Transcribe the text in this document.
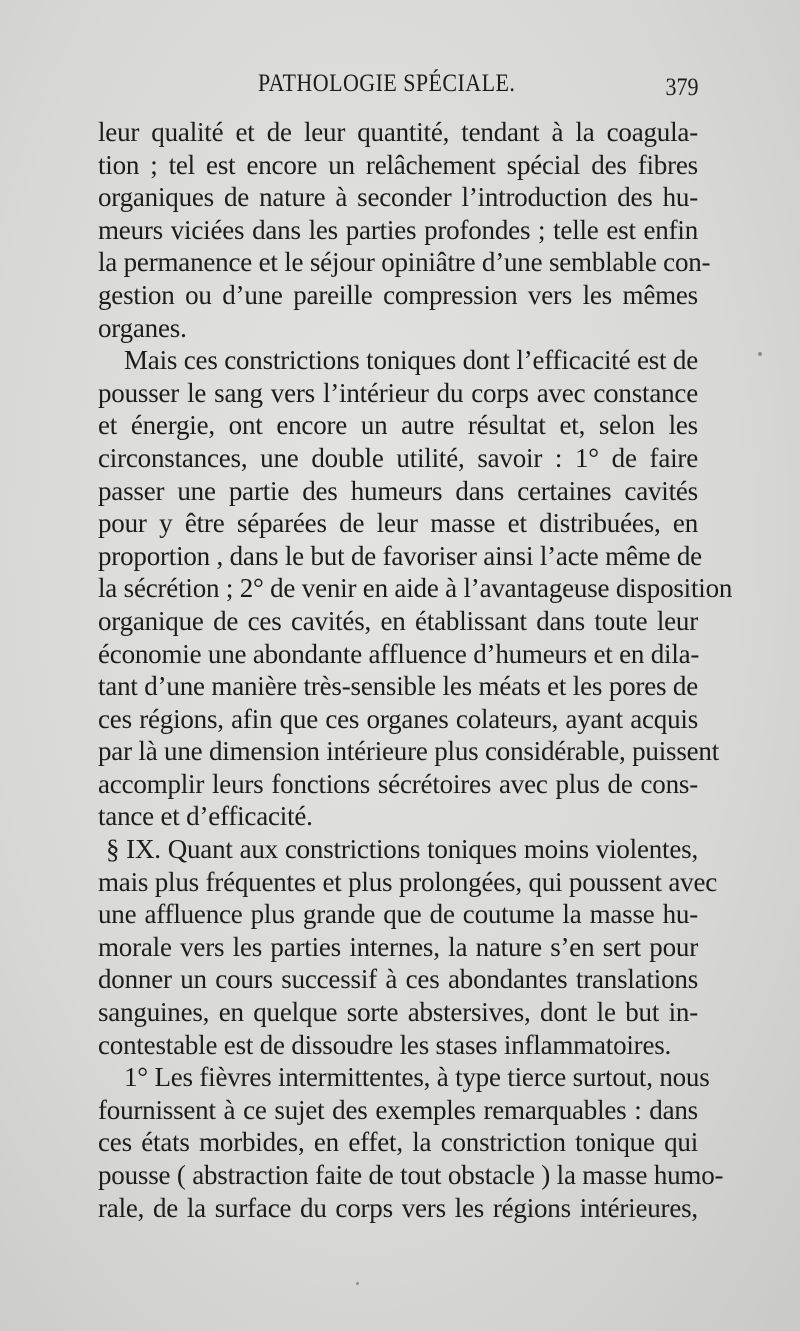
PATHOLOGIE SPÉCIALE.	379
leur qualité et de leur quantité, tendant à la coagula-
tion ; tel est encore un relâchement spécial des fibres
organiques de nature à seconder l’introduction des hu-
meurs viciées dans les parties profondes ; telle est enfin
la permanence et le séjour opiniâtre d’une semblable con-
gestion ou d’une pareille compression vers les mêmes
organes.
Mais ces constrictions toniques dont l’efficacité est de
pousser le sang vers l’intérieur du corps avec constance
et énergie, ont encore un autre résultat et, selon les
circonstances, une double utilité, savoir : 1° de faire
passer une partie des humeurs dans certaines cavités
pour y être séparées de leur masse et distribuées, en
proportion , dans le but de favoriser ainsi l’acte même de
la sécrétion ; 2° de venir en aide à l’avantageuse disposition
organique de ces cavités, en établissant dans toute leur
économie une abondante affluence d’humeurs et en dila-
tant d’une manière très-sensible les méats et les pores de
ces régions, afin que ces organes colateurs, ayant acquis
par là une dimension intérieure plus considérable, puissent
accomplir leurs fonctions sécrétoires avec plus de cons-
tance et d’efficacité.
§ IX. Quant aux constrictions toniques moins violentes,
mais plus fréquentes et plus prolongées, qui poussent avec
une affluence plus grande que de coutume la masse hu-
morale vers les parties internes, la nature s’en sert pour
donner un cours successif à ces abondantes translations
sanguines, en quelque sorte abstersives, dont le but in-
contestable est de dissoudre les stases inflammatoires.
1° Les fièvres intermittentes, à type tierce surtout, nous
fournissent à ce sujet des exemples remarquables : dans
ces états morbides, en effet, la constriction tonique qui
pousse ( abstraction faite de tout obstacle ) la masse humo-
rale, de la surface du corps vers les régions intérieures,
